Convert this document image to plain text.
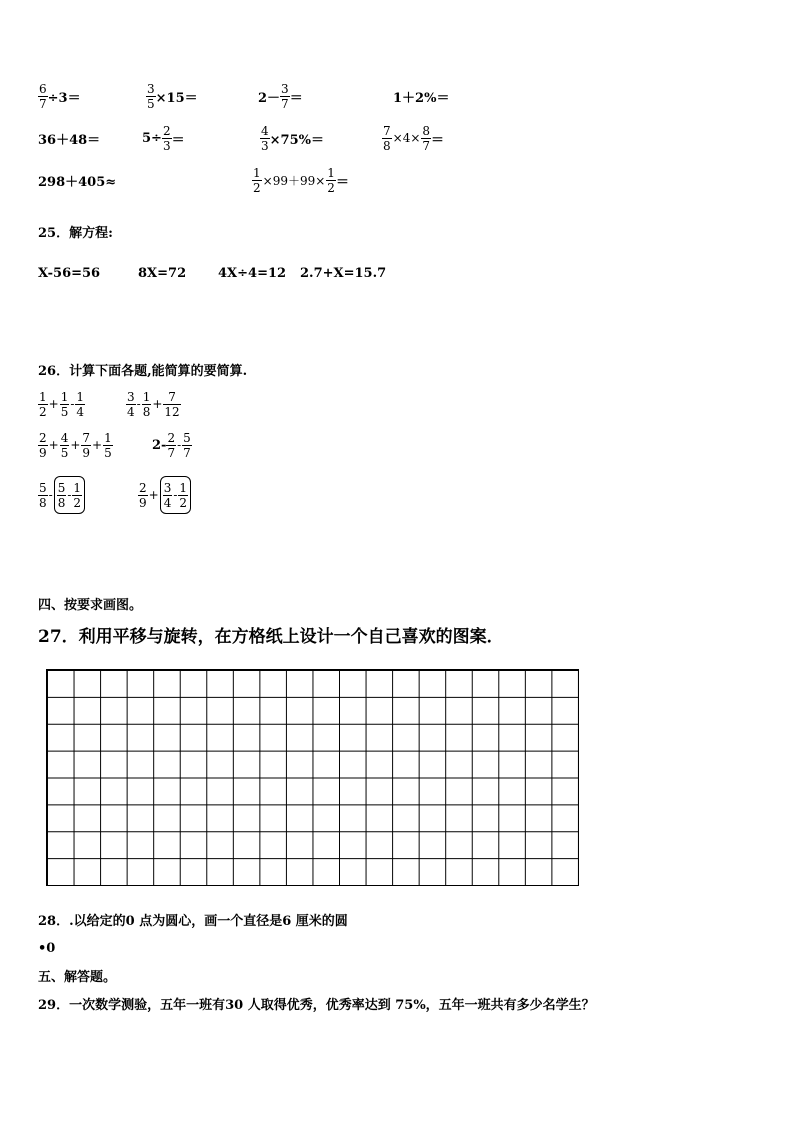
$\frac{6}{7} \div 3=$	$\frac{3}{5} \times 15=$	$2- \frac{3}{7}$ ＝	1＋2%＝
36＋48＝	$5\div \frac{2}{3}$ ＝	$\frac{4}{3} \times 75\%=$	$\frac{7}{8} \times 4\times \frac{8}{7}$ ＝
298＋405≈	$\frac{1}{2} \times 99+99\times \frac{1}{2}$ ＝
25．解方程:
X-56=56	8X=72 4X÷4=12 2.7+X=15.7
26．计算下面各题,能简算的要简算.
$\frac{1}{2} + \frac{1}{5} - \frac{1}{4}$	$\frac{3}{4} - \frac{1}{8} + \frac{7}{12}$
$\frac{2}{9} + \frac{4}{5} + \frac{7}{9} + \frac{1}{5}$	$2- \frac{2}{7} - \frac{5}{7}$
$\frac{5}{8} - \frac{5}{8} - \frac{1}{2}$	$\frac{2}{9} + \frac{3}{4} - \frac{1}{2}$
四、按要求画图。
27．利用平移与旋转，在方格纸上设计一个自己喜欢的图案．
28．.以给定的0 点为圆心，画一个直径是6 厘米的圆
•0
五、解答题。
29．一次数学测验，五年一班有30 人取得优秀，优秀率达到 75%，五年一班共有多少名学生？
